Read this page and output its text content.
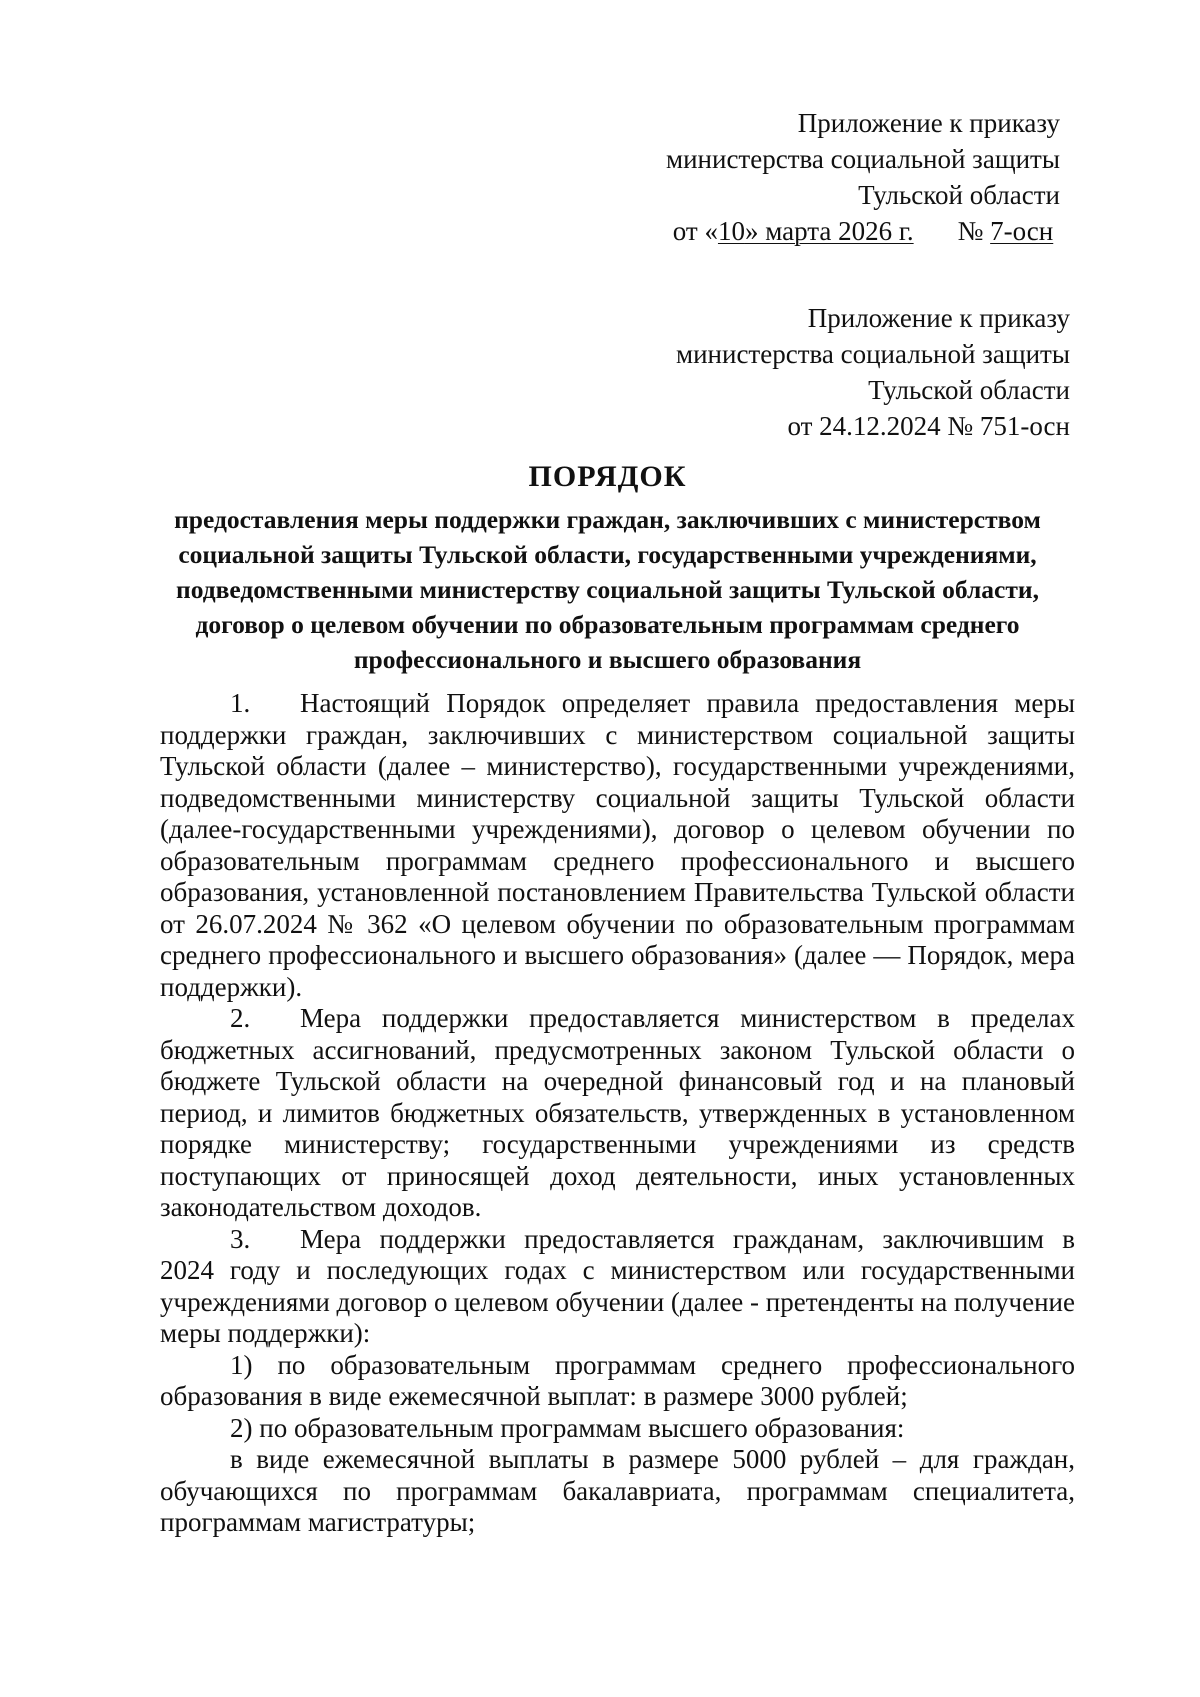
Приложение к приказу
министерства социальной защиты
Тульской области
от «10» марта 2026 г. № 7-осн
Приложение к приказу
министерства социальной защиты
Тульской области
от 24.12.2024 № 751-осн
ПОРЯДОК
предоставления меры поддержки граждан, заключивших с министерством
социальной защиты Тульской области, государственными учреждениями,
подведомственными министерству социальной защиты Тульской области,
договор о целевом обучении по образовательным программам среднего
профессионального и высшего образования

1. Настоящий Порядок определяет правила предоставления меры поддержки граждан, заключивших с министерством социальной защиты Тульской области (далее – министерство), государственными учреждениями, подведомственными министерству социальной защиты Тульской области (далее-государственными учреждениями), договор о целевом обучении по образовательным программам среднего профессионального и высшего образования, установленной постановлением Правительства Тульской области от 26.07.2024 № 362 «О целевом обучении по образовательным программам среднего профессионального и высшего образования» (далее — Порядок, мера поддержки).

2. Мера поддержки предоставляется министерством в пределах бюджетных ассигнований, предусмотренных законом Тульской области о бюджете Тульской области на очередной финансовый год и на плановый период, и лимитов бюджетных обязательств, утвержденных в установленном порядке министерству; государственными учреждениями из средств поступающих от приносящей доход деятельности, иных установленных законодательством доходов.

3. Мера поддержки предоставляется гражданам, заключившим в 2024 году и последующих годах с министерством или государственными учреждениями договор о целевом обучении (далее - претенденты на получение меры поддержки):

1) по образовательным программам среднего профессионального образования в виде ежемесячной выплат: в размере 3000 рублей;

2) по образовательным программам высшего образования:

в виде ежемесячной выплаты в размере 5000 рублей – для граждан, обучающихся по программам бакалавриата, программам специалитета, программам магистратуры;
